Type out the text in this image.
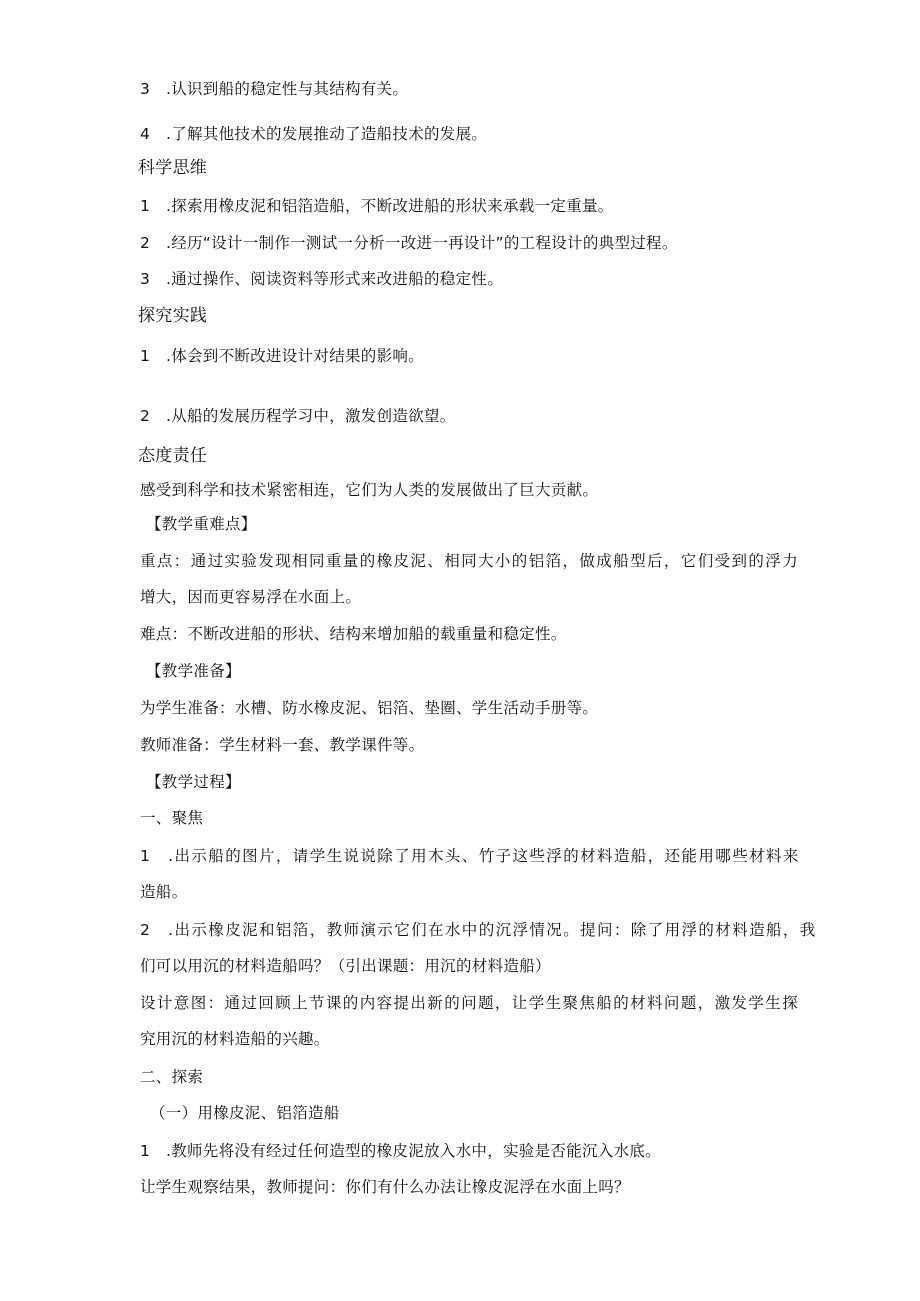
3　.认识到船的稳定性与其结构有关。
4　.了解其他技术的发展推动了造船技术的发展。
科学思维
1　.探索用橡皮泥和铝箔造船，不断改进船的形状来承载一定重量。
2　.经历“设计一制作一测试一分析一改进一再设计”的工程设计的典型过程。
3　.通过操作、阅读资料等形式来改进船的稳定性。
探究实践
1　.体会到不断改进设计对结果的影响。
2　.从船的发展历程学习中，激发创造欲望。
态度责任
感受到科学和技术紧密相连，它们为人类的发展做出了巨大贡献。
【教学重难点】
重点：通过实验发现相同重量的橡皮泥、相同大小的铝箔，做成船型后，它们受到的浮力
增大，因而更容易浮在水面上。
难点：不断改进船的形状、结构来增加船的载重量和稳定性。
【教学准备】
为学生准备：水槽、防水橡皮泥、铝箔、垫圈、学生活动手册等。
教师准备：学生材料一套、教学课件等。
【教学过程】
一、聚焦
1　.出示船的图片，请学生说说除了用木头、竹子这些浮的材料造船，还能用哪些材料来
造船。
2　.出示橡皮泥和铝箔，教师演示它们在水中的沉浮情况。提问：除了用浮的材料造船，我
们可以用沉的材料造船吗？（引出课题：用沉的材料造船）
设计意图：通过回顾上节课的内容提出新的问题，让学生聚焦船的材料问题，激发学生探
究用沉的材料造船的兴趣。
二、探索
（一）用橡皮泥、铝箔造船
1　.教师先将没有经过任何造型的橡皮泥放入水中，实验是否能沉入水底。
让学生观察结果，教师提问：你们有什么办法让橡皮泥浮在水面上吗？
